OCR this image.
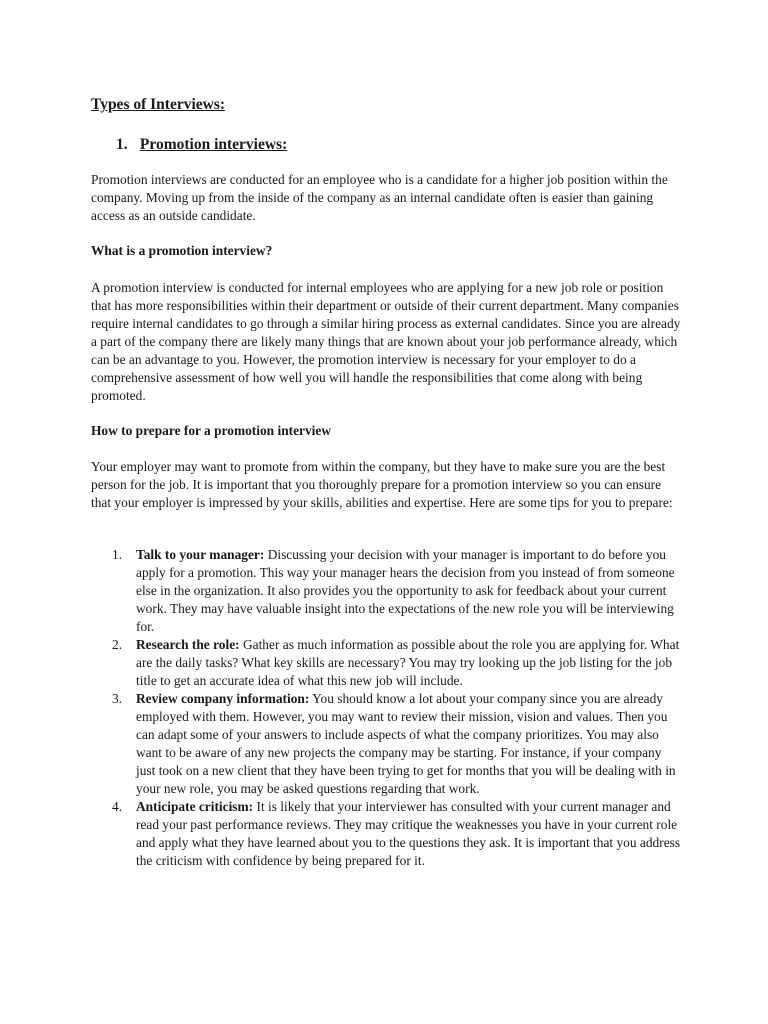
Types of Interviews:
1. Promotion interviews:

Promotion interviews are conducted for an employee who is a candidate for a higher job position within the company. Moving up from the inside of the company as an internal candidate often is easier than gaining access as an outside candidate.

What is a promotion interview?

A promotion interview is conducted for internal employees who are applying for a new job role or position that has more responsibilities within their department or outside of their current department. Many companies require internal candidates to go through a similar hiring process as external candidates. Since you are already a part of the company there are likely many things that are known about your job performance already, which can be an advantage to you. However, the promotion interview is necessary for your employer to do a comprehensive assessment of how well you will handle the responsibilities that come along with being promoted.

How to prepare for a promotion interview

Your employer may want to promote from within the company, but they have to make sure you are the best person for the job. It is important that you thoroughly prepare for a promotion interview so you can ensure that your employer is impressed by your skills, abilities and expertise. Here are some tips for you to prepare:

1. Talk to your manager: Discussing your decision with your manager is important to do before you apply for a promotion. This way your manager hears the decision from you instead of from someone else in the organization. It also provides you the opportunity to ask for feedback about your current work. They may have valuable insight into the expectations of the new role you will be interviewing for.
2. Research the role: Gather as much information as possible about the role you are applying for. What are the daily tasks? What key skills are necessary? You may try looking up the job listing for the job title to get an accurate idea of what this new job will include.
3. Review company information: You should know a lot about your company since you are already employed with them. However, you may want to review their mission, vision and values. Then you can adapt some of your answers to include aspects of what the company prioritizes. You may also want to be aware of any new projects the company may be starting. For instance, if your company just took on a new client that they have been trying to get for months that you will be dealing with in your new role, you may be asked questions regarding that work.
4. Anticipate criticism: It is likely that your interviewer has consulted with your current manager and read your past performance reviews. They may critique the weaknesses you have in your current role and apply what they have learned about you to the questions they ask. It is important that you address the criticism with confidence by being prepared for it.
